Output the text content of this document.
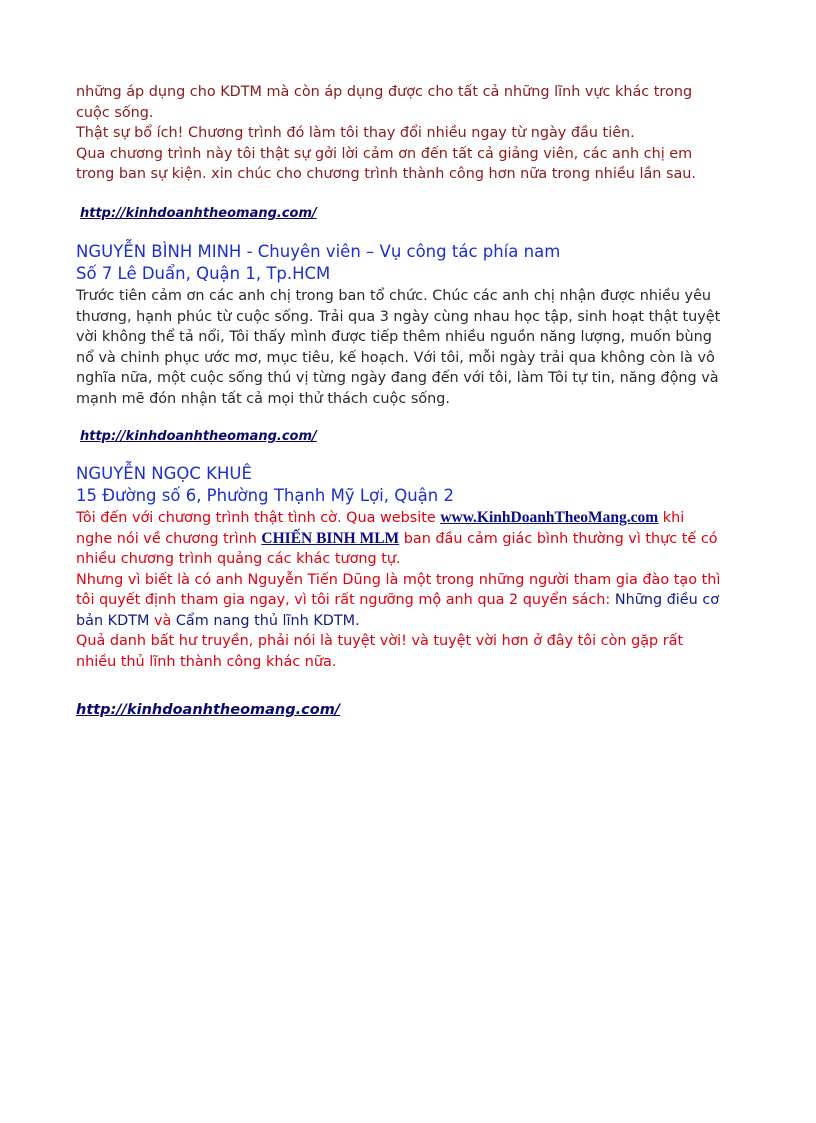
những áp dụng cho KDTM mà còn áp dụng được cho tất cả những lĩnh vực khác trong

cuộc sống.

Thật sự bổ ích! Chương trình đó làm tôi thay đổi nhiều ngay từ ngày đầu tiên.

Qua chương trình này tôi thật sự gởi lời cảm ơn đến tất cả giảng viên, các anh chị em

trong ban sự kiện. xin chúc cho chương trình thành công hơn nữa trong nhiều lần sau.

http://kinhdoanhtheomang.com/

NGUYỄN BÌNH MINH - Chuyên viên – Vụ công tác phía nam

Số 7 Lê Duẩn, Quận 1, Tp.HCM

Trước tiên cảm ơn các anh chị trong ban tổ chức. Chúc các anh chị nhận được nhiều yêu

thương, hạnh phúc từ cuộc sống. Trải qua 3 ngày cùng nhau học tập, sinh hoạt thật tuyệt

vời không thể tả nổi, Tôi thấy mình được tiếp thêm nhiều nguồn năng lượng, muốn bùng

nổ và chinh phục ước mơ, mục tiêu, kế hoạch. Với tôi, mỗi ngày trải qua không còn là vô

nghĩa nữa, một cuộc sống thú vị từng ngày đang đến với tôi, làm Tôi tự tin, năng động và

mạnh mẽ đón nhận tất cả mọi thử thách cuộc sống.

http://kinhdoanhtheomang.com/

NGUYỄN NGỌC KHUÊ

15 Đường số 6, Phường Thạnh Mỹ Lợi, Quận 2

Tôi đến với chương trình thật tình cờ. Qua website www.KinhDoanhTheoMang.com khi

nghe nói về chương trình CHIẾN BINH MLM ban đầu cảm giác bình thường vì thực tế có

nhiều chương trình quảng các khác tương tự.

Nhưng vì biết là có anh Nguyễn Tiến Dũng là một trong những người tham gia đào tạo thì

tôi quyết định tham gia ngay, vì tôi rất ngưỡng mộ anh qua 2 quyển sách: Những điều cơ

bản KDTM và Cẩm nang thủ lĩnh KDTM.

Quả danh bất hư truyền, phải nói là tuyệt vời! và tuyệt vời hơn ở đây tôi còn gặp rất

nhiều thủ lĩnh thành công khác nữa.

http://kinhdoanhtheomang.com/
